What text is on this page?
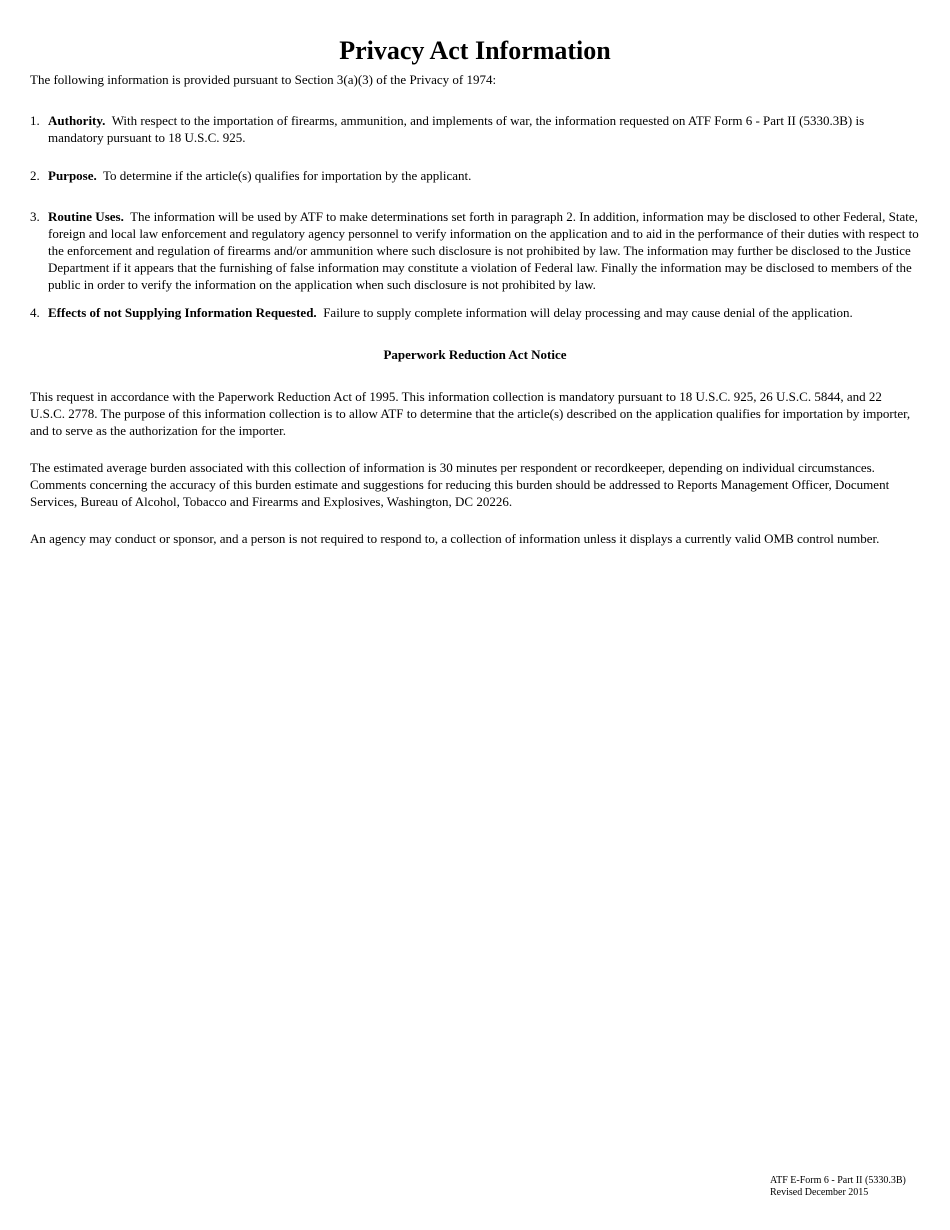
Privacy Act Information

The following information is provided pursuant to Section 3(a)(3) of the Privacy of 1974:

1. Authority. With respect to the importation of firearms, ammunition, and implements of war, the information requested on ATF Form 6 - Part II (5330.3B) is mandatory pursuant to 18 U.S.C. 925.
2. Purpose. To determine if the article(s) qualifies for importation by the applicant.
3. Routine Uses. The information will be used by ATF to make determinations set forth in paragraph 2. In addition, information may be disclosed to other Federal, State, foreign and local law enforcement and regulatory agency personnel to verify information on the application and to aid in the performance of their duties with respect to the enforcement and regulation of firearms and/or ammunition where such disclosure is not prohibited by law. The information may further be disclosed to the Justice Department if it appears that the furnishing of false information may constitute a violation of Federal law. Finally the information may be disclosed to members of the public in order to verify the information on the application when such disclosure is not prohibited by law.
4. Effects of not Supplying Information Requested. Failure to supply complete information will delay processing and may cause denial of the application.
Paperwork Reduction Act Notice

This request in accordance with the Paperwork Reduction Act of 1995. This information collection is mandatory pursuant to 18 U.S.C. 925, 26 U.S.C. 5844, and 22 U.S.C. 2778. The purpose of this information collection is to allow ATF to determine that the article(s) described on the application qualifies for importation by importer, and to serve as the authorization for the importer.

The estimated average burden associated with this collection of information is 30 minutes per respondent or recordkeeper, depending on individual circumstances. Comments concerning the accuracy of this burden estimate and suggestions for reducing this burden should be addressed to Reports Management Officer, Document Services, Bureau of Alcohol, Tobacco and Firearms and Explosives, Washington, DC 20226.

An agency may conduct or sponsor, and a person is not required to respond to, a collection of information unless it displays a currently valid OMB control number.

ATF E-Form 6 - Part II (5330.3B)
Revised December 2015
